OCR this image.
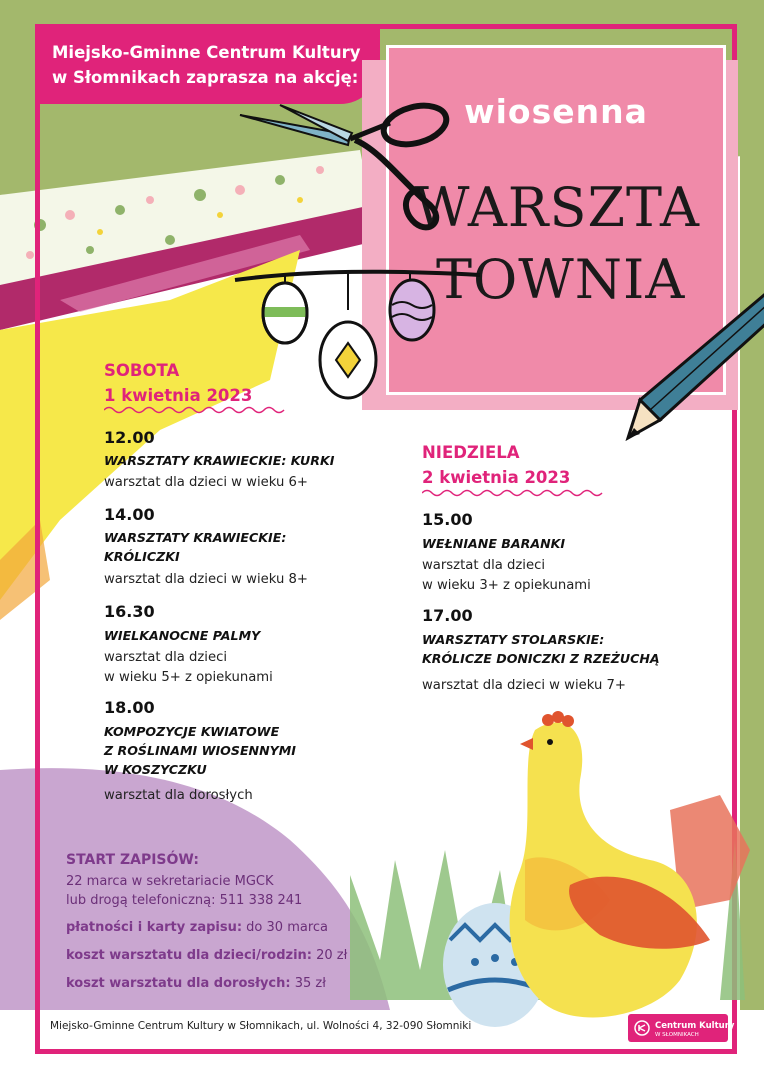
Miejsko-Gminne Centrum Kultury
w Słomnikach zaprasza na akcję:
wiosenna
WARSZTA
TOWNIA
SOBOTA
1 kwietnia 2023
12.00
WARSZTATY KRAWIECKIE: KURKI
warsztat dla dzieci w wieku 6+
14.00
WARSZTATY KRAWIECKIE:
KRÓLICZKI
warsztat dla dzieci w wieku 8+
16.30
WIELKANOCNE PALMY
warsztat dla dzieci
w wieku 5+ z opiekunami
18.00
KOMPOZYCJE KWIATOWE
Z ROŚLINAMI WIOSENNYMI
W KOSZYCZKU
warsztat dla dorosłych
NIEDZIELA
2 kwietnia 2023
15.00
WEŁNIANE BARANKI
warsztat dla dzieci
w wieku 3+ z opiekunami
17.00
WARSZTATY STOLARSKIE:
KRÓLICZE DONICZKI Z RZEŻUCHĄ
warsztat dla dzieci w wieku 7+
START ZAPISÓW:
22 marca w sekretariacie MGCK
lub drogą telefoniczną: 511 338 241
płatności i karty zapisu: do 30 marca
koszt warsztatu dla dzieci/rodzin: 20 zł
koszt warsztatu dla dorosłych: 35 zł
Miejsko-Gminne Centrum Kultury w Słomnikach, ul. Wolności 4, 32-090 Słomniki	Centrum Kultury
W SŁOMNIKACH
